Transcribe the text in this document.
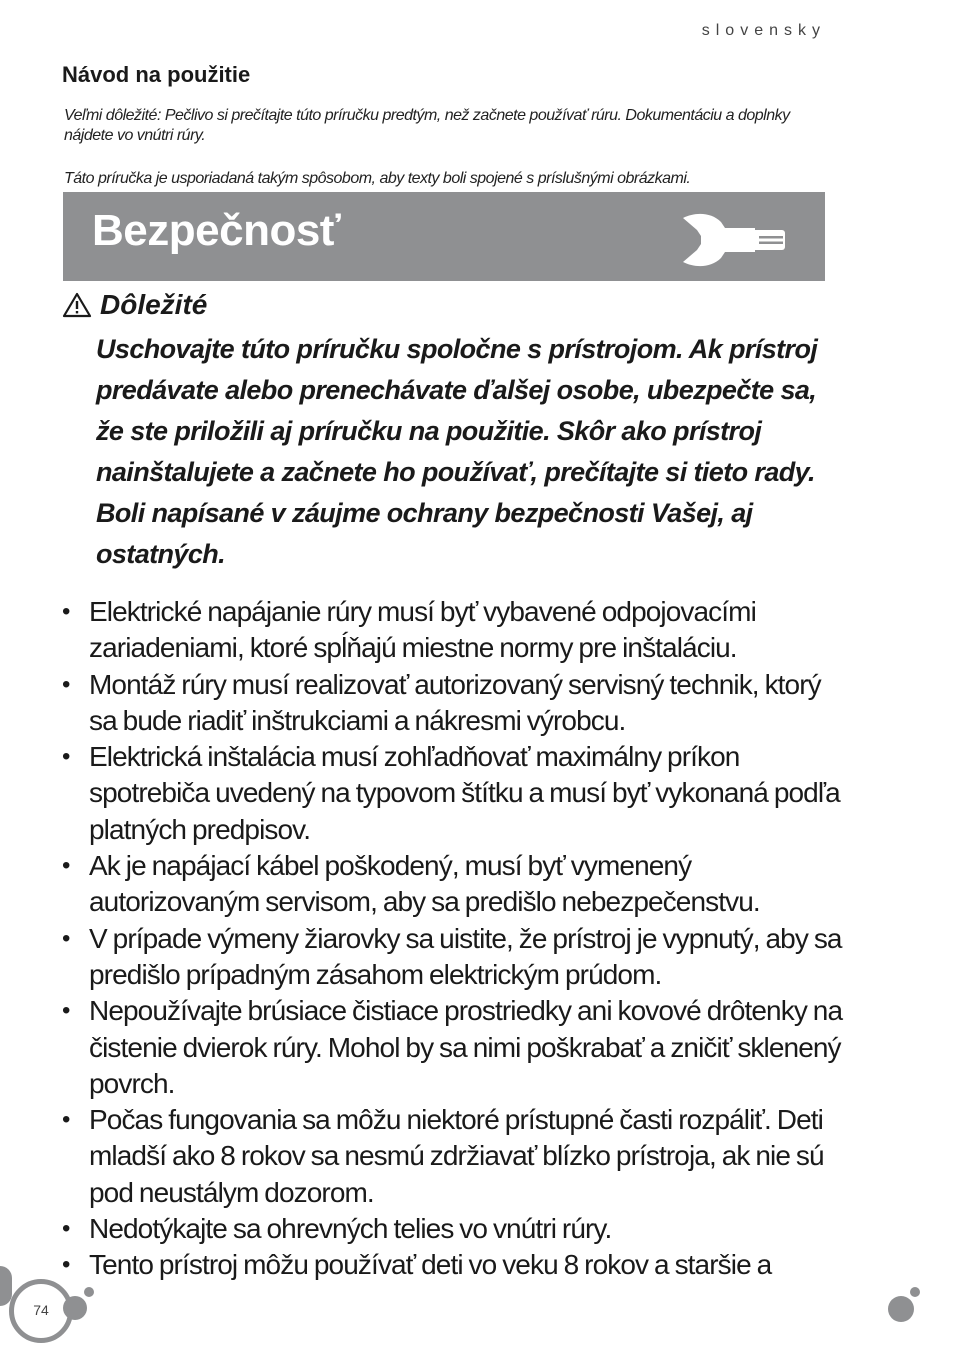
slovensky
Návod na použitie
Veľmi dôležité: Pečlivo si prečítajte túto príručku predtým, než začnete používať rúru. Dokumentáciu a doplnky nájdete vo vnútri rúry.
Táto príručka je usporiadaná takým spôsobom, aby texty boli spojené s príslušnými obrázkami.
Bezpečnosť
Dôležité
Uschovajte túto príručku spoločne s prístrojom. Ak prístroj predávate alebo prenechávate ďalšej osobe, ubezpečte sa, že ste priložili aj príručku na použitie. Skôr ako prístroj nainštalujete a začnete ho používať, prečítajte si tieto rady. Boli napísané v záujme ochrany bezpečnosti Vašej, aj ostatných.
• Elektrické napájanie rúry musí byť vybavené odpojovacími zariadeniami, ktoré spĺňajú miestne normy pre inštaláciu.
• Montáž rúry musí realizovať autorizovaný servisný technik, ktorý sa bude riadiť inštrukciami a nákresmi výrobcu.
• Elektrická inštalácia musí zohľadňovať maximálny príkon spotrebiča uvedený na typovom štítku a musí byť vykonaná podľa platných predpisov.
• Ak je napájací kábel poškodený, musí byť vymenený autorizovaným servisom, aby sa predišlo nebezpečenstvu.
• V prípade výmeny žiarovky sa uistite, že prístroj je vypnutý, aby sa predišlo prípadným zásahom elektrickým prúdom.
• Nepoužívajte brúsiace čistiace prostriedky ani kovové drôtenky na čistenie dvierok rúry. Mohol by sa nimi poškrabať a zničiť sklenený povrch.
• Počas fungovania sa môžu niektoré prístupné časti rozpáliť. Deti mladší ako 8 rokov sa nesmú zdržiavať blízko prístroja, ak nie sú pod neustálym dozorom.
• Nedotýkajte sa ohrevných telies vo vnútri rúry.
• Tento prístroj môžu používať deti vo veku 8 rokov a staršie a
74
